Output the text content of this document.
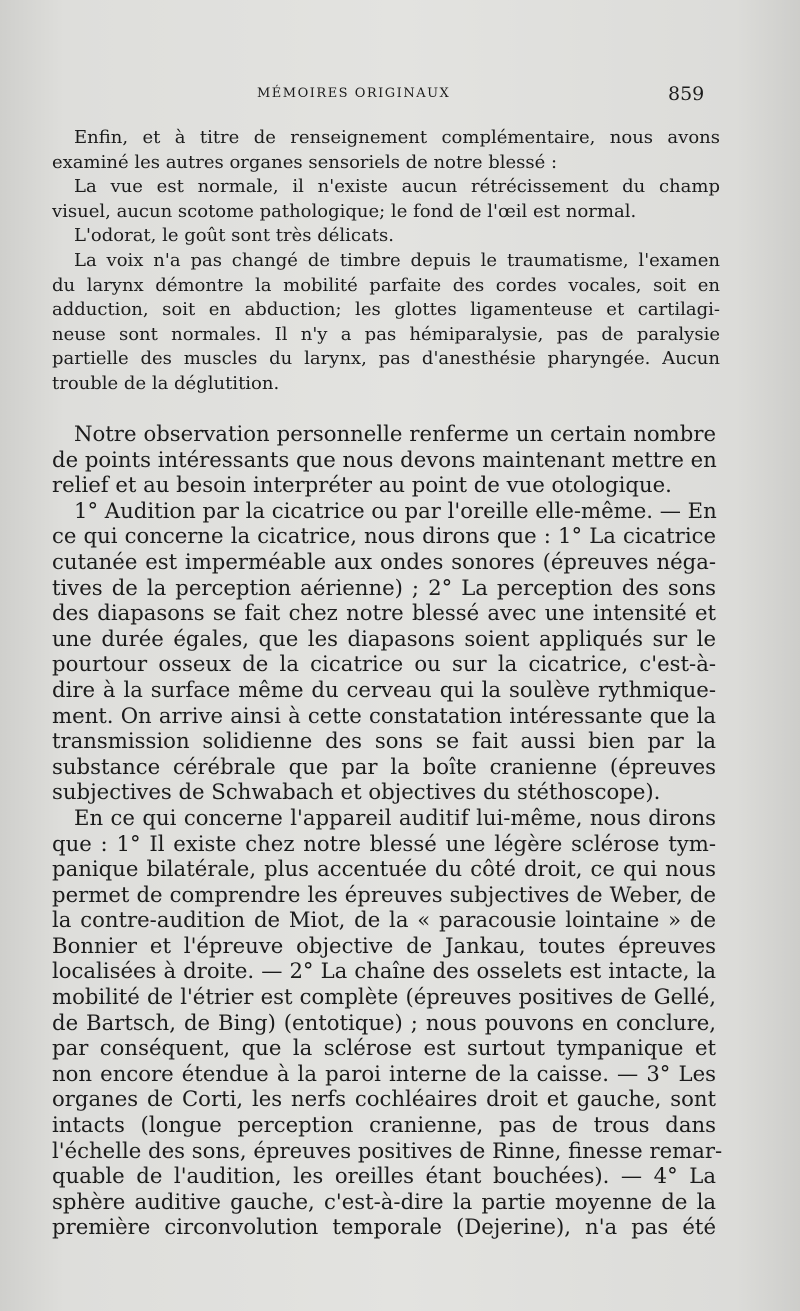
MÉMOIRES ORIGINAUX	859

Enfin, et à titre de renseignement complémentaire, nous avons
examiné les autres organes sensoriels de notre blessé :

La vue est normale, il n'existe aucun rétrécissement du champ
visuel, aucun scotome pathologique; le fond de l'œil est normal.

L'odorat, le goût sont très délicats.

La voix n'a pas changé de timbre depuis le traumatisme, l'examen
du larynx démontre la mobilité parfaite des cordes vocales, soit en
adduction, soit en abduction; les glottes ligamenteuse et cartilagi-
neuse sont normales. Il n'y a pas hémiparalysie, pas de paralysie
partielle des muscles du larynx, pas d'anesthésie pharyngée. Aucun
trouble de la déglutition.

Notre observation personnelle renferme un certain nombre
de points intéressants que nous devons maintenant mettre en
relief et au besoin interpréter au point de vue otologique.

1° Audition par la cicatrice ou par l'oreille elle-même. — En
ce qui concerne la cicatrice, nous dirons que : 1° La cicatrice
cutanée est imperméable aux ondes sonores (épreuves néga-
tives de la perception aérienne) ; 2° La perception des sons
des diapasons se fait chez notre blessé avec une intensité et
une durée égales, que les diapasons soient appliqués sur le
pourtour osseux de la cicatrice ou sur la cicatrice, c'est-à-
dire à la surface même du cerveau qui la soulève rythmique-
ment. On arrive ainsi à cette constatation intéressante que la
transmission solidienne des sons se fait aussi bien par la
substance cérébrale que par la boîte cranienne (épreuves
subjectives de Schwabach et objectives du stéthoscope).

En ce qui concerne l'appareil auditif lui-même, nous dirons
que : 1° Il existe chez notre blessé une légère sclérose tym-
panique bilatérale, plus accentuée du côté droit, ce qui nous
permet de comprendre les épreuves subjectives de Weber, de
la contre-audition de Miot, de la « paracousie lointaine » de
Bonnier et l'épreuve objective de Jankau, toutes épreuves
localisées à droite. — 2° La chaîne des osselets est intacte, la
mobilité de l'étrier est complète (épreuves positives de Gellé,
de Bartsch, de Bing) (entotique) ; nous pouvons en conclure,
par conséquent, que la sclérose est surtout tympanique et
non encore étendue à la paroi interne de la caisse. — 3° Les
organes de Corti, les nerfs cochléaires droit et gauche, sont
intacts (longue perception cranienne, pas de trous dans
l'échelle des sons, épreuves positives de Rinne, finesse remar-
quable de l'audition, les oreilles étant bouchées). — 4° La
sphère auditive gauche, c'est-à-dire la partie moyenne de la
première circonvolution temporale (Dejerine), n'a pas été
